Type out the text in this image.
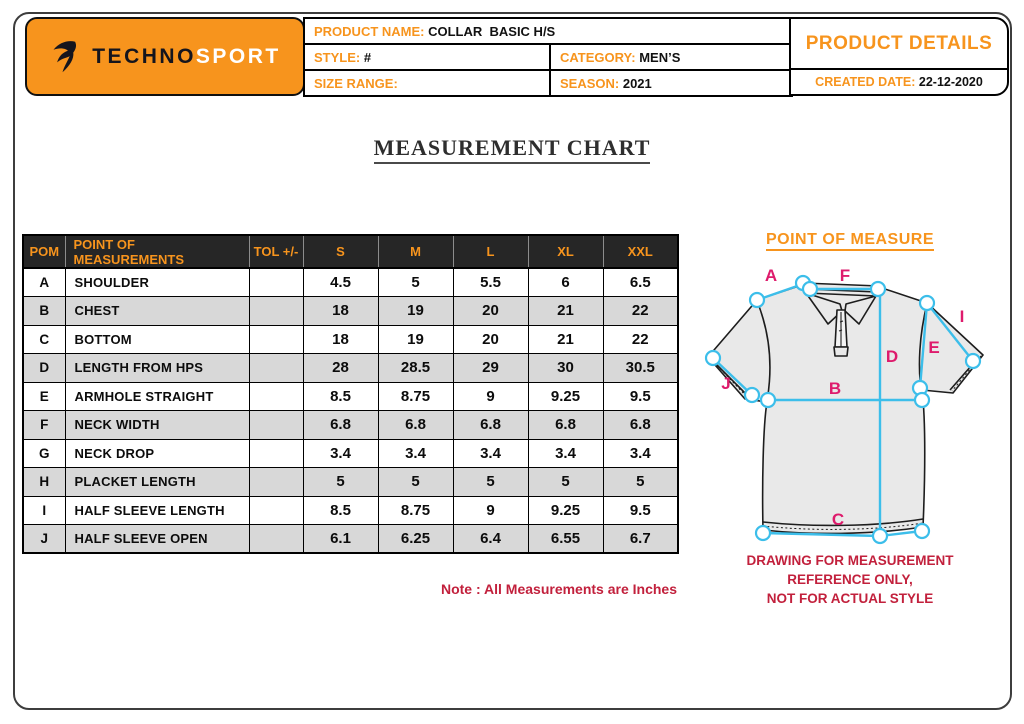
TECHNOSPORT
PRODUCT NAME: COLLAR  BASIC H/S	
STYLE: #	CATEGORY: MEN’S
SIZE RANGE:	SEASON: 2021
PRODUCT DETAILS
CREATED DATE: 22-12-2020
MEASUREMENT CHART
POM	POINT OF MEASUREMENTS	TOL +/-	S	M	L	XL	XXL
A	SHOULDER		4.5	5	5.5	6	6.5
B	CHEST		18	19	20	21	22
C	BOTTOM		18	19	20	21	22
D	LENGTH FROM HPS		28	28.5	29	30	30.5
E	ARMHOLE STRAIGHT		8.5	8.75	9	9.25	9.5
F	NECK WIDTH		6.8	6.8	6.8	6.8	6.8
G	NECK DROP		3.4	3.4	3.4	3.4	3.4
H	PLACKET LENGTH		5	5	5	5	5
I	HALF SLEEVE LENGTH		8.5	8.75	9	9.25	9.5
J	HALF SLEEVE OPEN		6.1	6.25	6.4	6.55	6.7
Note : All Measurements are Inches
POINT OF MEASURE
A	F
D
B
E
I
J
C
DRAWING FOR MEASUREMENT
REFERENCE ONLY,
NOT FOR ACTUAL STYLE
